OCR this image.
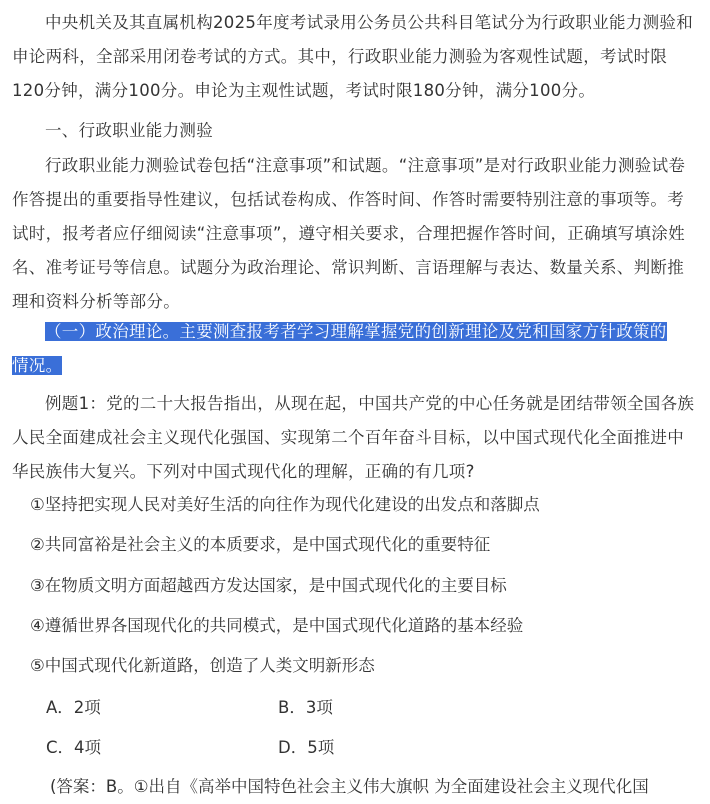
中央机关及其直属机构2025年度考试录用公务员公共科目笔试分为行政职业能力测验和申论两科，全部采用闭卷考试的方式。其中，行政职业能力测验为客观性试题，考试时限120分钟，满分100分。申论为主观性试题，考试时限180分钟，满分100分。

一、行政职业能力测验

行政职业能力测验试卷包括“注意事项”和试题。“注意事项”是对行政职业能力测验试卷作答提出的重要指导性建议，包括试卷构成、作答时间、作答时需要特别注意的事项等。考试时，报考者应仔细阅读“注意事项”，遵守相关要求，合理把握作答时间，正确填写填涂姓名、准考证号等信息。试题分为政治理论、常识判断、言语理解与表达、数量关系、判断推理和资料分析等部分。

（一）政治理论。主要测查报考者学习理解掌握党的创新理论及党和国家方针政策的
情况。

例题1：党的二十大报告指出，从现在起，中国共产党的中心任务就是团结带领全国各族人民全面建成社会主义现代化强国、实现第二个百年奋斗目标，以中国式现代化全面推进中华民族伟大复兴。下列对中国式现代化的理解，正确的有几项?

①坚持把实现人民对美好生活的向往作为现代化建设的出发点和落脚点

②共同富裕是社会主义的本质要求，是中国式现代化的重要特征

③在物质文明方面超越西方发达国家，是中国式现代化的主要目标

④遵循世界各国现代化的共同模式，是中国式现代化道路的基本经验

⑤中国式现代化新道路，创造了人类文明新形态

A．2项	B．3项

C．4项	D．5项

(答案：B。①出自《高举中国特色社会主义伟大旗帜 为全面建设社会主义现代化国
